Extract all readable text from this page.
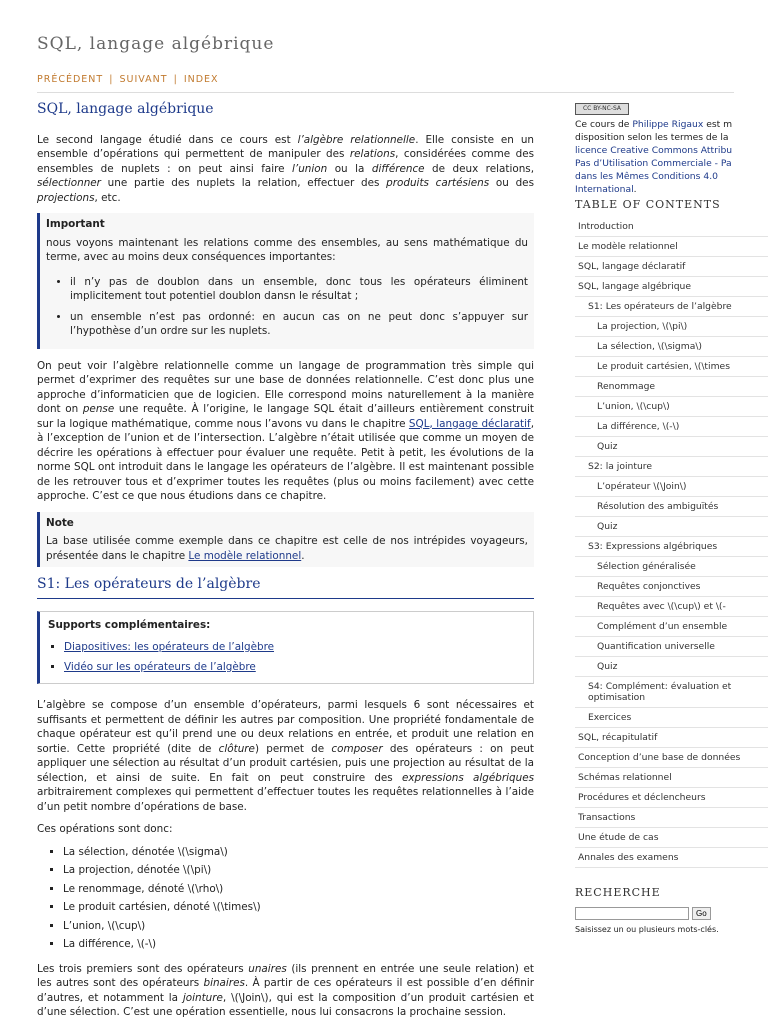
SQL, langage algébrique
PRÉCÉDENT | SUIVANT | INDEX
SQL, langage algébrique

Le second langage étudié dans ce cours est l’algèbre relationnelle. Elle consiste en un ensemble d’opérations qui permettent de manipuler des relations, considérées comme des ensembles de nuplets : on peut ainsi faire l’union ou la différence de deux relations, sélectionner une partie des nuplets la relation, effectuer des produits cartésiens ou des projections, etc.

Important
nous voyons maintenant les relations comme des ensembles, au sens mathématique du terme, avec au moins deux conséquences importantes:
• il n’y pas de doublon dans un ensemble, donc tous les opérateurs éliminent implicitement tout potentiel doublon dansn le résultat ;
• un ensemble n’est pas ordonné: en aucun cas on ne peut donc s’appuyer sur l’hypothèse d’un ordre sur les nuplets.

On peut voir l’algèbre relationnelle comme un langage de programmation très simple qui permet d’exprimer des requêtes sur une base de données relationnelle. C’est donc plus une approche d’informaticien que de logicien. Elle correspond moins naturellement à la manière dont on pense une requête. À l’origine, le langage SQL était d’ailleurs entièrement construit sur la logique mathématique, comme nous l’avons vu dans le chapitre SQL, langage déclaratif, à l’exception de l’union et de l’intersection. L’algèbre n’était utilisée que comme un moyen de décrire les opérations à effectuer pour évaluer une requête. Petit à petit, les évolutions de la norme SQL ont introduit dans le langage les opérateurs de l’algèbre. Il est maintenant possible de les retrouver tous et d’exprimer toutes les requêtes (plus ou moins facilement) avec cette approche. C’est ce que nous étudions dans ce chapitre.

Note
La base utilisée comme exemple dans ce chapitre est celle de nos intrépides voyageurs, présentée dans le chapitre Le modèle relationnel.
S1: Les opérateurs de l’algèbre
Supports complémentaires:
▪ Diapositives: les opérateurs de l’algèbre
▪ Vidéo sur les opérateurs de l’algèbre

L’algèbre se compose d’un ensemble d’opérateurs, parmi lesquels 6 sont nécessaires et suffisants et permettent de définir les autres par composition. Une propriété fondamentale de chaque opérateur est qu’il prend une ou deux relations en entrée, et produit une relation en sortie. Cette propriété (dite de clôture) permet de composer des opérateurs : on peut appliquer une sélection au résultat d’un produit cartésien, puis une projection au résultat de la sélection, et ainsi de suite. En fait on peut construire des expressions algébriques arbitrairement complexes qui permettent d’effectuer toutes les requêtes relationnelles à l’aide d’un petit nombre d’opérations de base.

Ces opérations sont donc:

▪ La sélection, dénotée \(\sigma\)
▪ La projection, dénotée \(\pi\)
▪ Le renommage, dénoté \(\rho\)
▪ Le produit cartésien, dénoté \(\times\)
▪ L’union, \(\cup\)
▪ La différence, \(-\)

Les trois premiers sont des opérateurs unaires (ils prennent en entrée une seule relation) et les autres sont des opérateurs binaires. À partir de ces opérateurs il est possible d’en définir d’autres, et notamment la jointure, \(\Join\), qui est la composition d’un produit cartésien et d’une sélection. C’est une opération essentielle, nous lui consacrons la prochaine session.

CC BY-NC-SA
Ce cours de Philippe Rigaux est m
disposition selon les termes de la
licence Creative Commons Attribu
Pas d’Utilisation Commerciale - Pa
dans les Mêmes Conditions 4.0
International.
TABLE OF CONTENTS
Introduction
Le modèle relationnel
SQL, langage déclaratif
SQL, langage algébrique
S1: Les opérateurs de l’algèbre
La projection, \(\pi\)
La sélection, \(\sigma\)
Le produit cartésien, \(\times
Renommage
L’union, \(\cup\)
La différence, \(-\)
Quiz
S2: la jointure
L’opérateur \(\Join\)
Résolution des ambiguïtés
Quiz
S3: Expressions algébriques
Sélection généralisée
Requêtes conjonctives
Requêtes avec \(\cup\) et \(-
Complément d’un ensemble
Quantification universelle
Quiz
S4: Complément: évaluation et optimisation
Exercices
SQL, récapitulatif
Conception d’une base de données
Schémas relationnel
Procédures et déclencheurs
Transactions
Une étude de cas
Annales des examens
RECHERCHE
Go
Saisissez un ou plusieurs mots-clés.
